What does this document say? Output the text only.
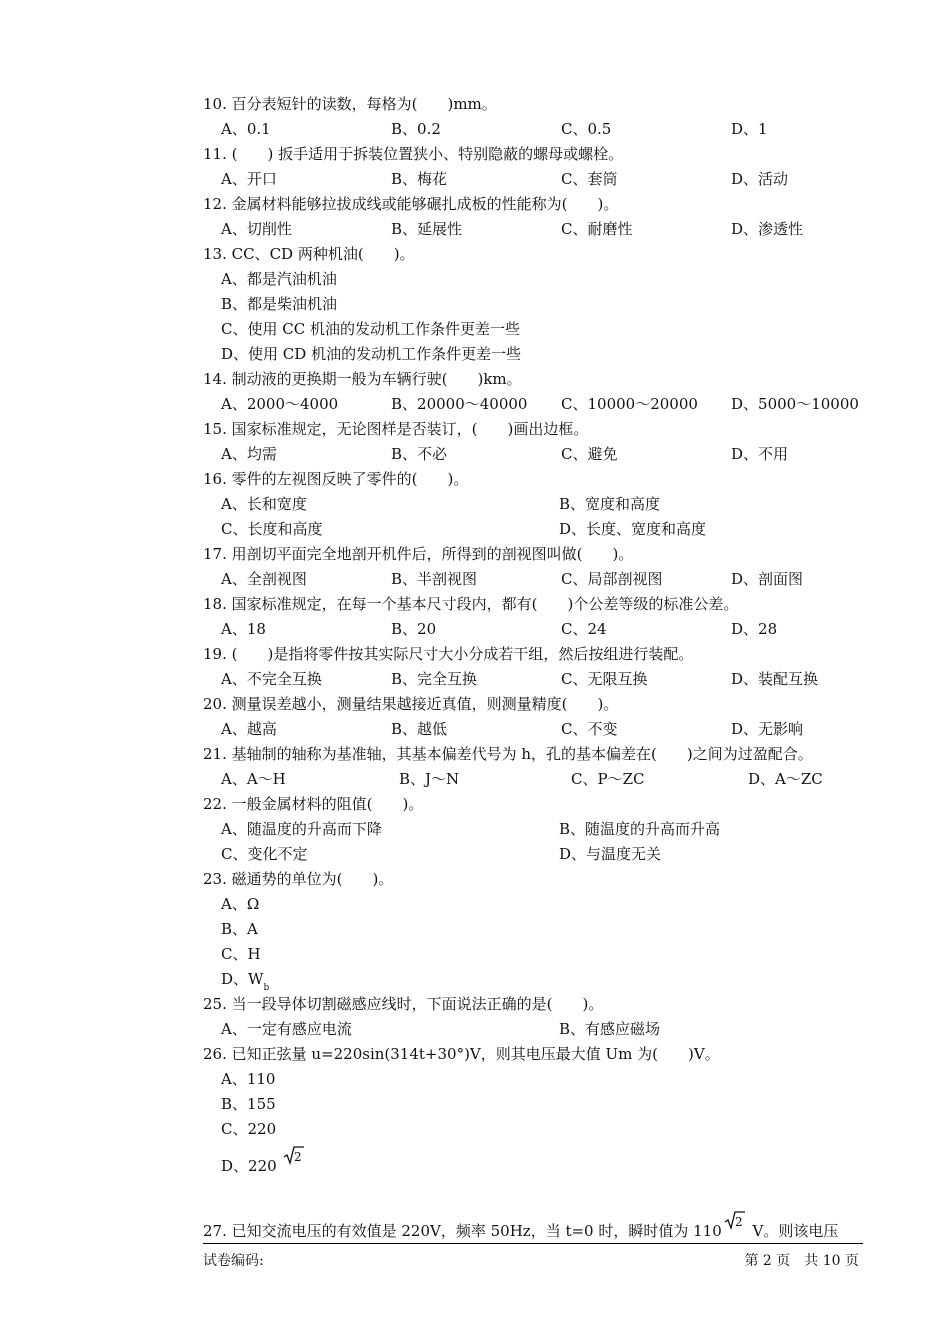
10. 百分表短针的读数，每格为(　　)mm。
A、0.1	B、0.2	C、0.5	D、1
11. (　　) 扳手适用于拆装位置狭小、特别隐蔽的螺母或螺栓。
A、开口	B、梅花	C、套筒	D、活动
12. 金属材料能够拉拔成线或能够碾扎成板的性能称为(　　)。
A、切削性	B、延展性	C、耐磨性	D、渗透性
13. CC、CD 两种机油(　　)。
A、都是汽油机油
B、都是柴油机油
C、使用 CC 机油的发动机工作条件更差一些
D、使用 CD 机油的发动机工作条件更差一些
14. 制动液的更换期一般为车辆行驶(　　)km。
A、2000～4000	B、20000～40000 C、10000～20000 D、5000～10000
15. 国家标准规定，无论图样是否装订，(　　)画出边框。
A、均需	B、不必	C、避免	D、不用
16. 零件的左视图反映了零件的(　　)。
A、长和宽度	B、宽度和高度
C、长度和高度	D、长度、宽度和高度
17. 用剖切平面完全地剖开机件后，所得到的剖视图叫做(　　)。
A、全剖视图	B、半剖视图	C、局部剖视图	D、剖面图
18. 国家标准规定，在每一个基本尺寸段内，都有(　　)个公差等级的标准公差。
A、18	B、20	C、24	D、28
19. (　　)是指将零件按其实际尺寸大小分成若干组，然后按组进行装配。
A、不完全互换	B、完全互换	C、无限互换	D、装配互换
20. 测量误差越小，测量结果越接近真值，则测量精度(　　)。
A、越高	B、越低	C、不变	D、无影响
21. 基轴制的轴称为基准轴，其基本偏差代号为 h，孔的基本偏差在(　　)之间为过盈配合。
A、A～H	B、J～N	C、P～ZC	D、A～ZC
22. 一般金属材料的阻值(　　)。
A、随温度的升高而下降	B、随温度的升高而升高
C、变化不定	D、与温度无关
23. 磁通势的单位为(　　)。
A、Ω
B、A
C、H
D、$W_b$
25. 当一段导体切割磁感应线时，下面说法正确的是(　　)。
A、一定有感应电流	B、有感应磁场
26. 已知正弦量 u=220sin(314t+30°)V，则其电压最大值 Um 为(　　)V。
A、110
B、155
C、220
D、220 2
27. 已知交流电压的有效值是 220V，频率 50Hz，当 t=0 时，瞬时值为 110 2 V。则该电压
试卷编码:	第 2 页　共 10 页
